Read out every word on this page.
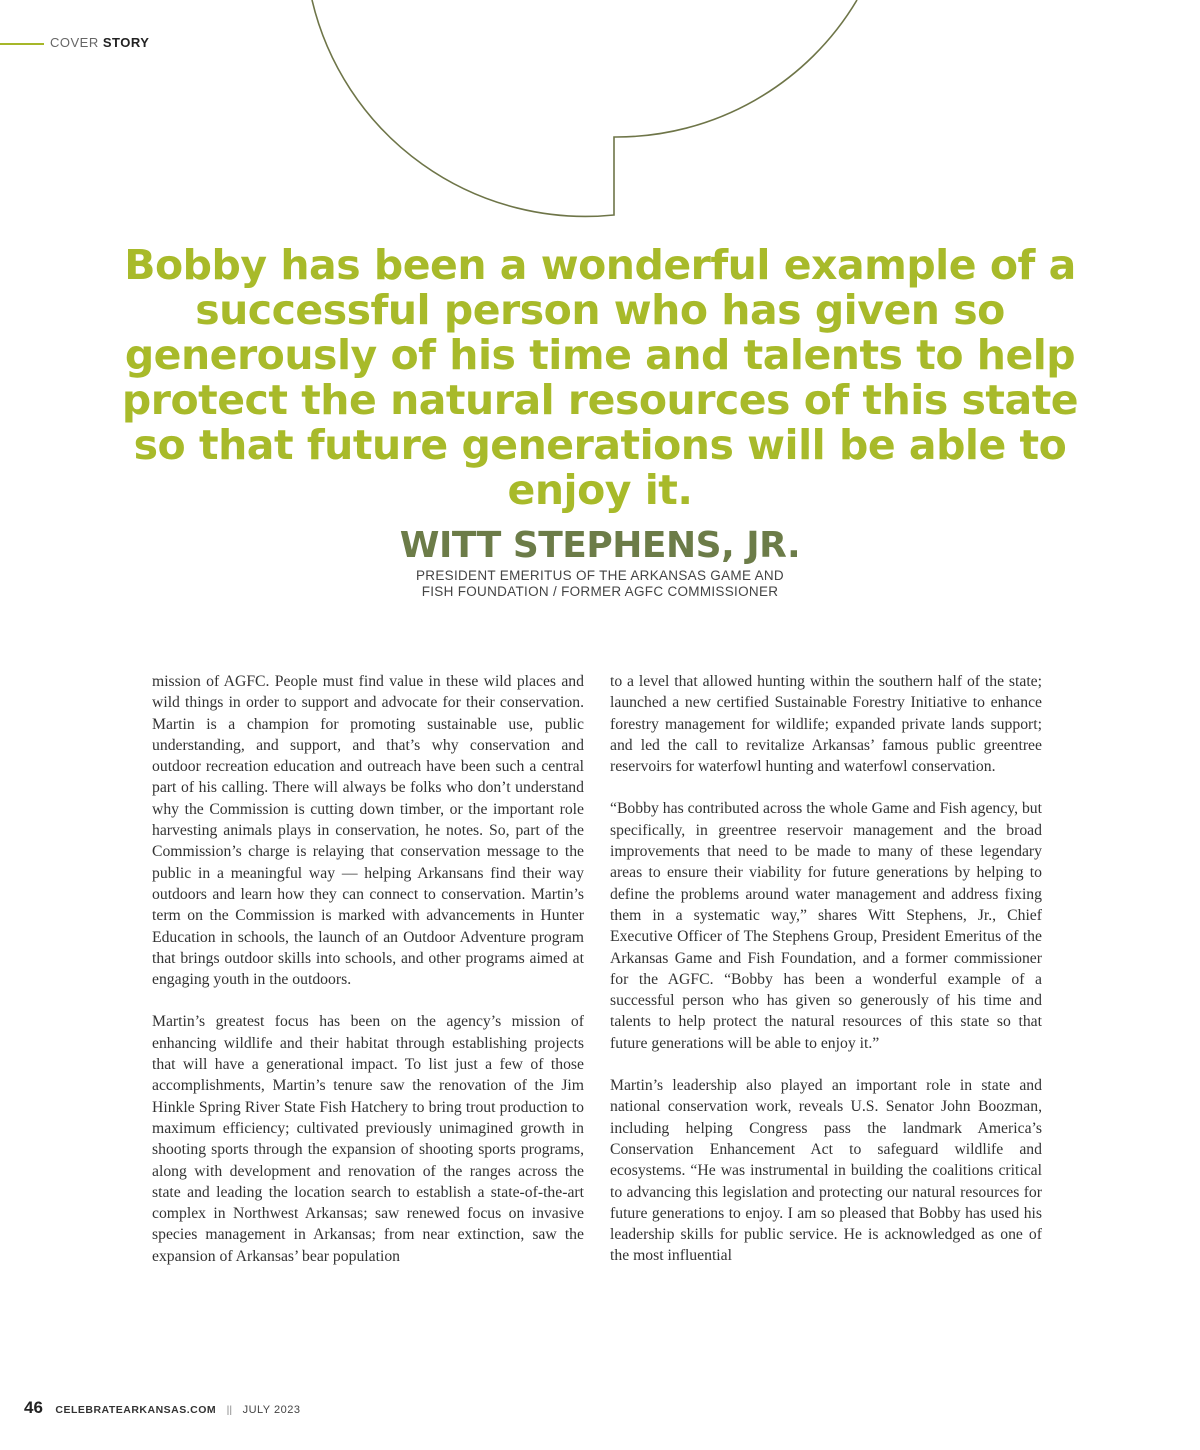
COVER STORY

Bobby has been a wonderful example of a successful person who has given so generously of his time and talents to help protect the natural resources of this state so that future generations will be able to enjoy it.

WITT STEPHENS, JR.

PRESIDENT EMERITUS OF THE ARKANSAS GAME AND
FISH FOUNDATION / FORMER AGFC COMMISSIONER

mission of AGFC. People must find value in these wild places and wild things in order to support and advocate for their conservation. Martin is a champion for promoting sustainable use, public understanding, and support, and that’s why conservation and outdoor recreation education and outreach have been such a central part of his calling. There will always be folks who don’t understand why the Commission is cutting down timber, or the important role harvesting animals plays in conservation, he notes. So, part of the Commission’s charge is relaying that conservation message to the public in a meaningful way — helping Arkansans find their way outdoors and learn how they can connect to conservation. Martin’s term on the Commission is marked with advancements in Hunter Education in schools, the launch of an Outdoor Adventure program that brings outdoor skills into schools, and other programs aimed at engaging youth in the outdoors.

Martin’s greatest focus has been on the agency’s mission of enhancing wildlife and their habitat through establishing projects that will have a generational impact. To list just a few of those accomplishments, Martin’s tenure saw the renovation of the Jim Hinkle Spring River State Fish Hatchery to bring trout production to maximum efficiency; cultivated previously unimagined growth in shooting sports through the expansion of shooting sports programs, along with development and renovation of the ranges across the state and leading the location search to establish a state-of-the-art complex in Northwest Arkansas; saw renewed focus on invasive species management in Arkansas; from near extinction, saw the expansion of Arkansas’ bear population

to a level that allowed hunting within the southern half of the state; launched a new certified Sustainable Forestry Initiative to enhance forestry management for wildlife; expanded private lands support; and led the call to revitalize Arkansas’ famous public greentree reservoirs for waterfowl hunting and waterfowl conservation.

“Bobby has contributed across the whole Game and Fish agency, but specifically, in greentree reservoir management and the broad improvements that need to be made to many of these legendary areas to ensure their viability for future generations by helping to define the problems around water management and address fixing them in a systematic way,” shares Witt Stephens, Jr., Chief Executive Officer of The Stephens Group, President Emeritus of the Arkansas Game and Fish Foundation, and a former commissioner for the AGFC. “Bobby has been a wonderful example of a successful person who has given so generously of his time and talents to help protect the natural resources of this state so that future generations will be able to enjoy it.”

Martin’s leadership also played an important role in state and national conservation work, reveals U.S. Senator John Boozman, including helping Congress pass the landmark America’s Conservation Enhancement Act to safeguard wildlife and ecosystems. “He was instrumental in building the coalitions critical to advancing this legislation and protecting our natural resources for future generations to enjoy. I am so pleased that Bobby has used his leadership skills for public service. He is acknowledged as one of the most influential

46 CELEBRATEARKANSAS.COM || JULY 2023
